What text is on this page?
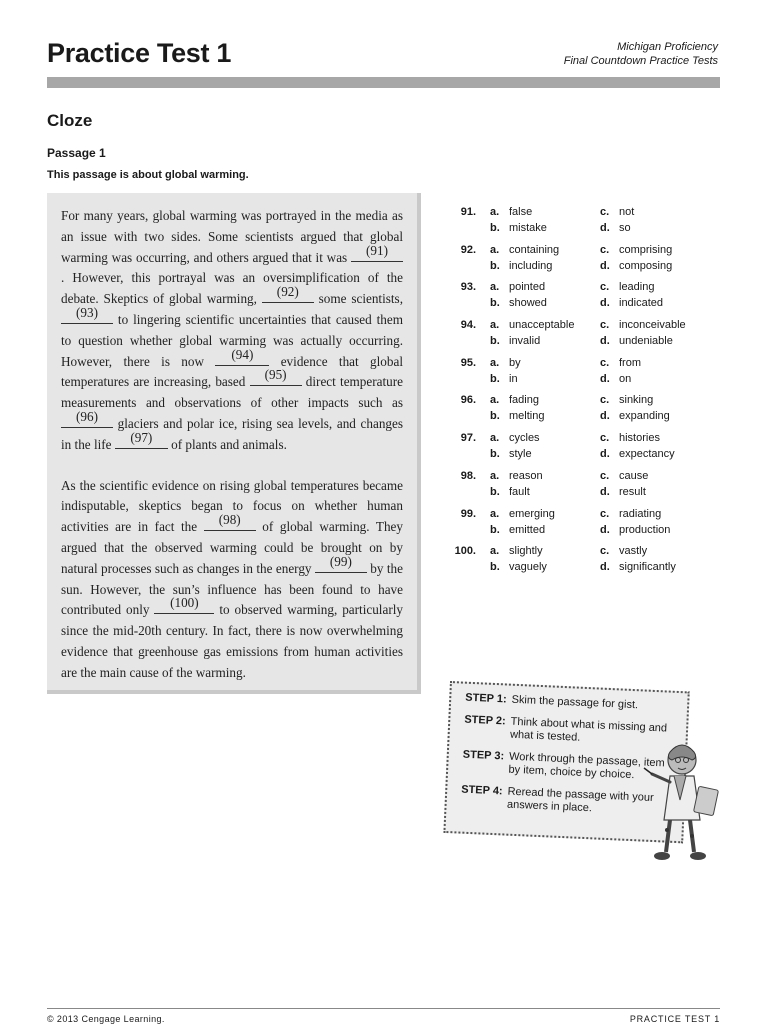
Practice Test 1	Michigan Proficiency
Final Countdown Practice Tests
Cloze
Passage 1
This passage is about global warming.

For many years, global warming was portrayed in the media as an issue with two sides. Some scientists argued that global warming was occurring, and others argued that it was (91) . However, this portrayal was an oversimplification of the debate. Skeptics of global warming, (92) some scientists, (93) to lingering scientific uncertainties that caused them to question whether global warming was actually occurring. However, there is now (94) evidence that global temperatures are increasing, based (95) direct temperature measurements and observations of other impacts such as (96) glaciers and polar ice, rising sea levels, and changes in the life (97) of plants and animals.

As the scientific evidence on rising global temperatures became indisputable, skeptics began to focus on whether human activities are in fact the (98) of global warming. They argued that the observed warming could be brought on by natural processes such as changes in the energy (99) by the sun. However, the sun’s influence has been found to have contributed only (100) to observed warming, particularly since the mid-20th century. In fact, there is now overwhelming evidence that greenhouse gas emissions from human activities are the main cause of the warming.

91. a. false
b. mistake
c. not
d. so
92. a. containing
b. including
c. comprising
d. composing
93. a. pointed
b. showed
c. leading
d. indicated
94. a. unacceptable
b. invalid
c. inconceivable
d. undeniable
95. a. by
b. in
c. from
d. on
96. a. fading
b. melting
c. sinking
d. expanding
97. a. cycles
b. style
c. histories
d. expectancy
98. a. reason
b. fault
c. cause
d. result
99. a. emerging
b. emitted
c. radiating
d. production
100. a. slightly
b. vaguely
c. vastly
d. significantly
STEP 1: Skim the passage for gist.
STEP 2: Think about what is missing and what is tested.
STEP 3: Work through the passage, item by item, choice by choice.
STEP 4: Reread the passage with your answers in place.
© 2013 Cengage Learning.	PRACTICE TEST 1
